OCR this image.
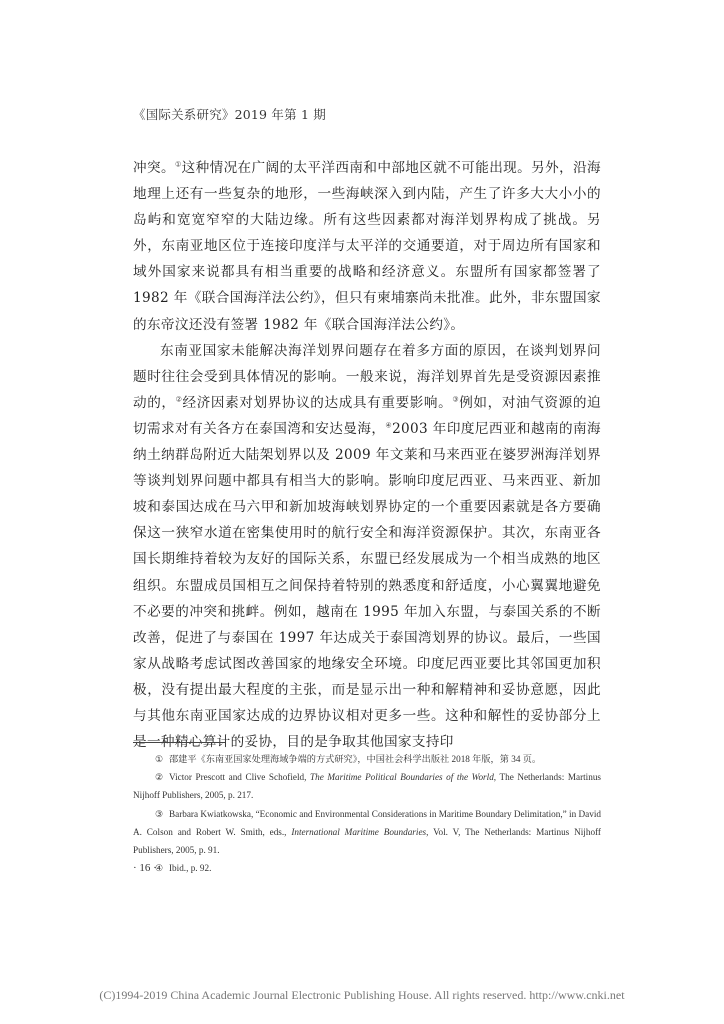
《国际关系研究》2019 年第 1 期

冲突。①这种情况在广阔的太平洋西南和中部地区就不可能出现。另外，沿海地理上还有一些复杂的地形，一些海峡深入到内陆，产生了许多大大小小的岛屿和宽宽窄窄的大陆边缘。所有这些因素都对海洋划界构成了挑战。另外，东南亚地区位于连接印度洋与太平洋的交通要道，对于周边所有国家和域外国家来说都具有相当重要的战略和经济意义。东盟所有国家都签署了 1982 年《联合国海洋法公约》，但只有柬埔寨尚未批准。此外，非东盟国家的东帝汶还没有签署 1982 年《联合国海洋法公约》。

东南亚国家未能解决海洋划界问题存在着多方面的原因，在谈判划界问题时往往会受到具体情况的影响。一般来说，海洋划界首先是受资源因素推动的，②经济因素对划界协议的达成具有重要影响。③例如，对油气资源的迫切需求对有关各方在泰国湾和安达曼海，④2003 年印度尼西亚和越南的南海纳土纳群岛附近大陆架划界以及 2009 年文莱和马来西亚在婆罗洲海洋划界等谈判划界问题中都具有相当大的影响。影响印度尼西亚、马来西亚、新加坡和泰国达成在马六甲和新加坡海峡划界协定的一个重要因素就是各方要确保这一狭窄水道在密集使用时的航行安全和海洋资源保护。其次，东南亚各国长期维持着较为友好的国际关系，东盟已经发展成为一个相当成熟的地区组织。东盟成员国相互之间保持着特别的熟悉度和舒适度，小心翼翼地避免不必要的冲突和挑衅。例如，越南在 1995 年加入东盟，与泰国关系的不断改善，促进了与泰国在 1997 年达成关于泰国湾划界的协议。最后，一些国家从战略考虑试图改善国家的地缘安全环境。印度尼西亚要比其邻国更加积极，没有提出最大程度的主张，而是显示出一种和解精神和妥协意愿，因此与其他东南亚国家达成的边界协议相对更多一些。这种和解性的妥协部分上是一种精心算计的妥协，目的是争取其他国家支持印

① 邵建平《东南亚国家处理海域争端的方式研究》，中国社会科学出版社 2018 年版，第 34 页。

② Victor Prescott and Clive Schofield, The Maritime Political Boundaries of the World, The Netherlands: Martinus Nijhoff Publishers, 2005, p. 217.

③ Barbara Kwiatkowska, “Economic and Environmental Considerations in Maritime Boundary Delimitation,” in David A. Colson and Robert W. Smith, eds., International Maritime Boundaries, Vol. V, The Netherlands: Martinus Nijhoff Publishers, 2005, p. 91.

④ Ibid., p. 92.

· 16 ·
(C)1994-2019 China Academic Journal Electronic Publishing House. All rights reserved. http://www.cnki.net
